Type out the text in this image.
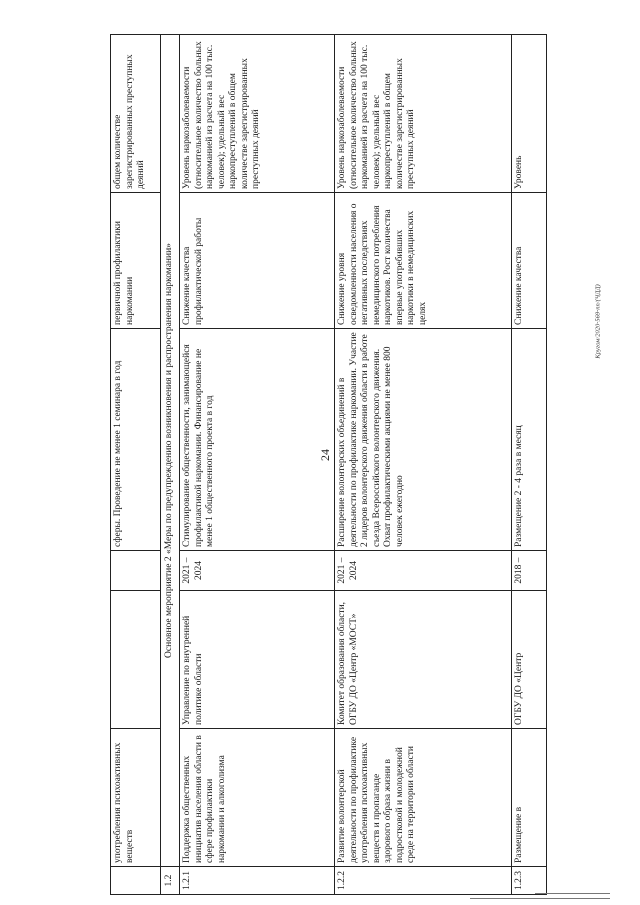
24
Кругом/2020-569-пп/(ЧДД)
	употребления психоактивных веществ			сферы. Проведение не менее 1 семинара в год	первичной профилактики наркомании	общем количестве зарегистрированных преступных деяний
1.2	Основное мероприятие 2 «Меры по предупреждению возникновения и распространения наркомании»					
1.2.1	Поддержка общественных инициатив населения области в сфере профилактики наркомании и алкоголизма	Управление по внутренней политике области	2021 – 2024	Стимулирование общественности, занимающейся профилактикой наркомании. Финансирование не менее 1 общественного проекта в год	Снижение качества профилактической работы	Уровень наркозаболеваемости (относительное количество больных наркоманией из расчета на 100 тыс. человек); удельный вес наркопреступлений в общем количестве зарегистрированных преступных деяний
1.2.2	Развитие волонтерской деятельности по профилактике употребления психоактивных веществ и пропаганде здорового образа жизни в подростковой и молодежной среде на территории области	Комитет образования области, ОГБУ ДО «Центр «МОСТ»	2021 – 2024	Расширение волонтерских объединений в деятельности по профилактике наркомании. Участие 2 лидеров волонтерского движения области в работе съезда Всероссийского волонтерского движения. Охват профилактическими акциями не менее 800 человек ежегодно	Снижение уровня осведомленности населения о негативных последствиях немедицинского потребления наркотиков. Рост количества впервые употребивших наркотики в немедицинских целях	Уровень наркозаболеваемости (относительное количество больных наркоманией из расчета на 100 тыс. человек); удельный вес наркопреступлений в общем количестве зарегистрированных преступных деяний
1.2.3	Размещение в	ОГБУ ДО «Центр	2018 –	Размещение 2 - 4 раза в месяц	Снижение качества	Уровень
